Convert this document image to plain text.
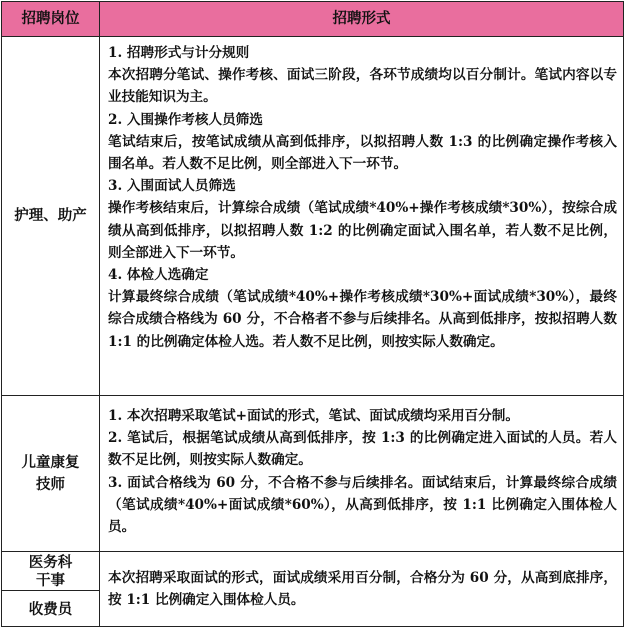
招聘岗位	招聘形式
护理、助产

1. 招聘形式与计分规则

本次招聘分笔试、操作考核、面试三阶段，各环节成绩均以百分制计。笔试内容以专业技能知识为主。

2. 入围操作考核人员筛选

笔试结束后，按笔试成绩从高到低排序，以拟招聘人数 1:3 的比例确定操作考核入围名单。若人数不足比例，则全部进入下一环节。

3. 入围面试人员筛选

操作考核结束后，计算综合成绩（笔试成绩*40%+操作考核成绩*30%），按综合成绩从高到低排序，以拟招聘人数 1:2 的比例确定面试入围名单，若人数不足比例，则全部进入下一环节。

4. 体检人选确定

计算最终综合成绩（笔试成绩*40%+操作考核成绩*30%+面试成绩*30%），最终综合成绩合格线为 60 分，不合格者不参与后续排名。从高到低排序，按拟招聘人数 1:1 的比例确定体检人选。若人数不足比例，则按实际人数确定。

儿童康复技师

1. 本次招聘采取笔试+面试的形式，笔试、面试成绩均采用百分制。

2. 笔试后，根据笔试成绩从高到低排序，按 1:3 的比例确定进入面试的人员。若人数不足比例，则按实际人数确定。

3. 面试合格线为 60 分，不合格不参与后续排名。面试结束后，计算最终综合成绩（笔试成绩*40%+面试成绩*60%），从高到低排序，按 1:1 比例确定入围体检人员。

医务科干事
收费员

本次招聘采取面试的形式，面试成绩采用百分制，合格分为 60 分，从高到底排序，按 1:1 比例确定入围体检人员。
